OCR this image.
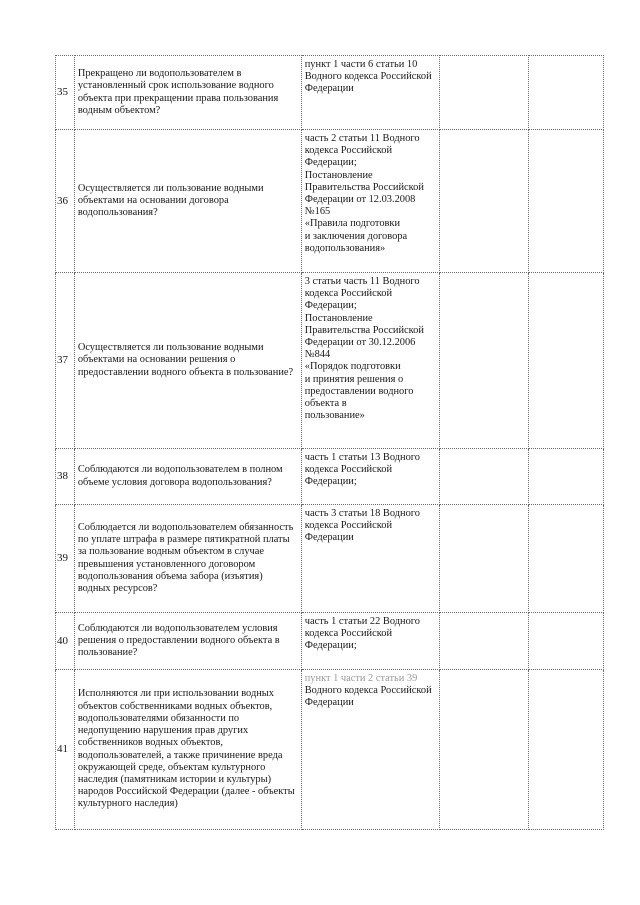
35	Прекращено ли водопользователем в установленный срок использование водного объекта при прекращении права пользования водным объектом?	пункт 1 части 6 статьи 10 Водного кодекса Российской Федерации		
36	Осуществляется ли пользование водными объектами на основании договора водопользования?	часть 2 статьи 11 Водного кодекса Российской Федерации;
Постановление Правительства Российской Федерации от 12.03.2008 №165
«Правила подготовки
и заключения договора водопользования»		
37	Осуществляется ли пользование водными объектами на основании решения о предоставлении водного объекта в пользование?	3 статьи часть 11 Водного кодекса Российской Федерации;
Постановление Правительства Российской Федерации от 30.12.2006 №844
«Порядок подготовки
и принятия решения о предоставлении водного объекта в
пользование»		
38	Соблюдаются ли водопользователем в полном объеме условия договора водопользования?	часть 1 статьи 13 Водного кодекса Российской Федерации;		
39	Соблюдается ли водопользователем обязанность по уплате штрафа в размере пятикратной платы за пользование водным объектом в случае превышения установленного договором водопользования объема забора (изъятия) водных ресурсов?	часть 3 статьи 18 Водного кодекса Российской Федерации		
40	Соблюдаются ли водопользователем условия решения о предоставлении водного объекта в пользование?	часть 1 статьи 22 Водного кодекса Российской Федерации;		
41	Исполняются ли при использовании водных объектов собственниками водных объектов, водопользователями обязанности по недопущению нарушения прав других собственников водных объектов, водопользователей, а также причинение вреда окружающей среде, объектам культурного наследия (памятникам истории и культуры) народов Российской Федерации (далее - объекты культурного наследия)	пункт 1 части 2 статьи 39 Водного кодекса Российской Федерации		
